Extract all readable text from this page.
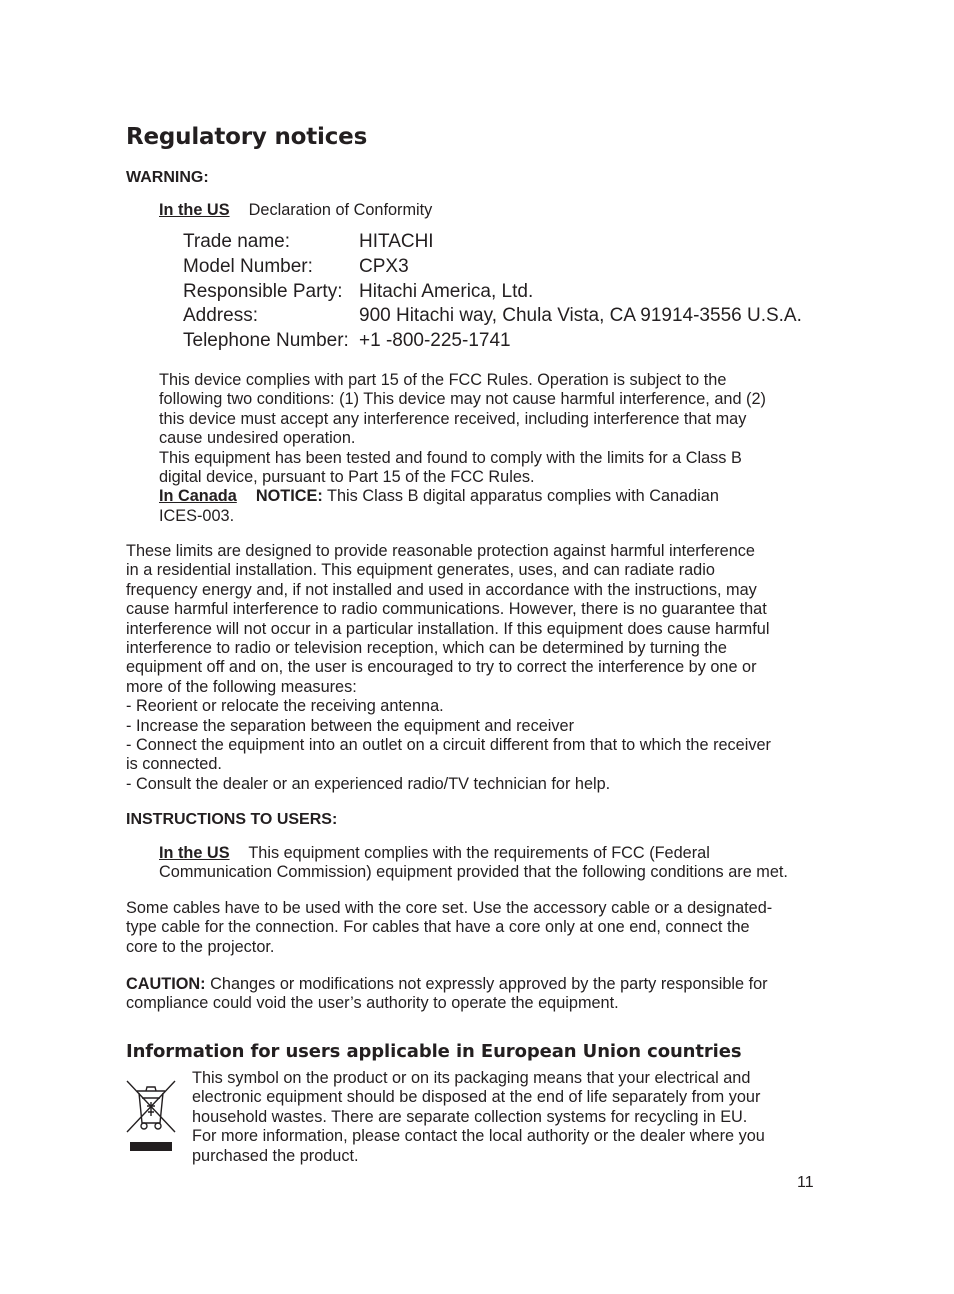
Regulatory notices
WARNING:
In the US Declaration of Conformity
Trade name:	HITACHI
Model Number: CPX3
Responsible Party: Hitachi America, Ltd.
Address:	900 Hitachi way, Chula Vista, CA 91914-3556 U.S.A.
Telephone Number: +1 -800-225-1741
This device complies with part 15 of the FCC Rules. Operation is subject to the
following two conditions: (1) This device may not cause harmful interference, and (2)
this device must accept any interference received, including interference that may
cause undesired operation.
This equipment has been tested and found to comply with the limits for a Class B
digital device, pursuant to Part 15 of the FCC Rules.
In Canada NOTICE: This Class B digital apparatus complies with Canadian
ICES-003.
These limits are designed to provide reasonable protection against harmful interference
in a residential installation. This equipment generates, uses, and can radiate radio
frequency energy and, if not installed and used in accordance with the instructions, may
cause harmful interference to radio communications. However, there is no guarantee that
interference will not occur in a particular installation. If this equipment does cause harmful
interference to radio or television reception, which can be determined by turning the
equipment off and on, the user is encouraged to try to correct the interference by one or
more of the following measures:
- Reorient or relocate the receiving antenna.
- Increase the separation between the equipment and receiver
- Connect the equipment into an outlet on a circuit different from that to which the receiver
is connected.
- Consult the dealer or an experienced radio/TV technician for help.
INSTRUCTIONS TO USERS:
In the US This equipment complies with the requirements of FCC (Federal
Communication Commission) equipment provided that the following conditions are met.
Some cables have to be used with the core set. Use the accessory cable or a designated-
type cable for the connection. For cables that have a core only at one end, connect the
core to the projector.
CAUTION: Changes or modifications not expressly approved by the party responsible for
compliance could void the user’s authority to operate the equipment.
Information for users applicable in European Union countries
This symbol on the product or on its packaging means that your electrical and
electronic equipment should be disposed at the end of life separately from your
household wastes. There are separate collection systems for recycling in EU.
For more information, please contact the local authority or the dealer where you
purchased the product.
11
